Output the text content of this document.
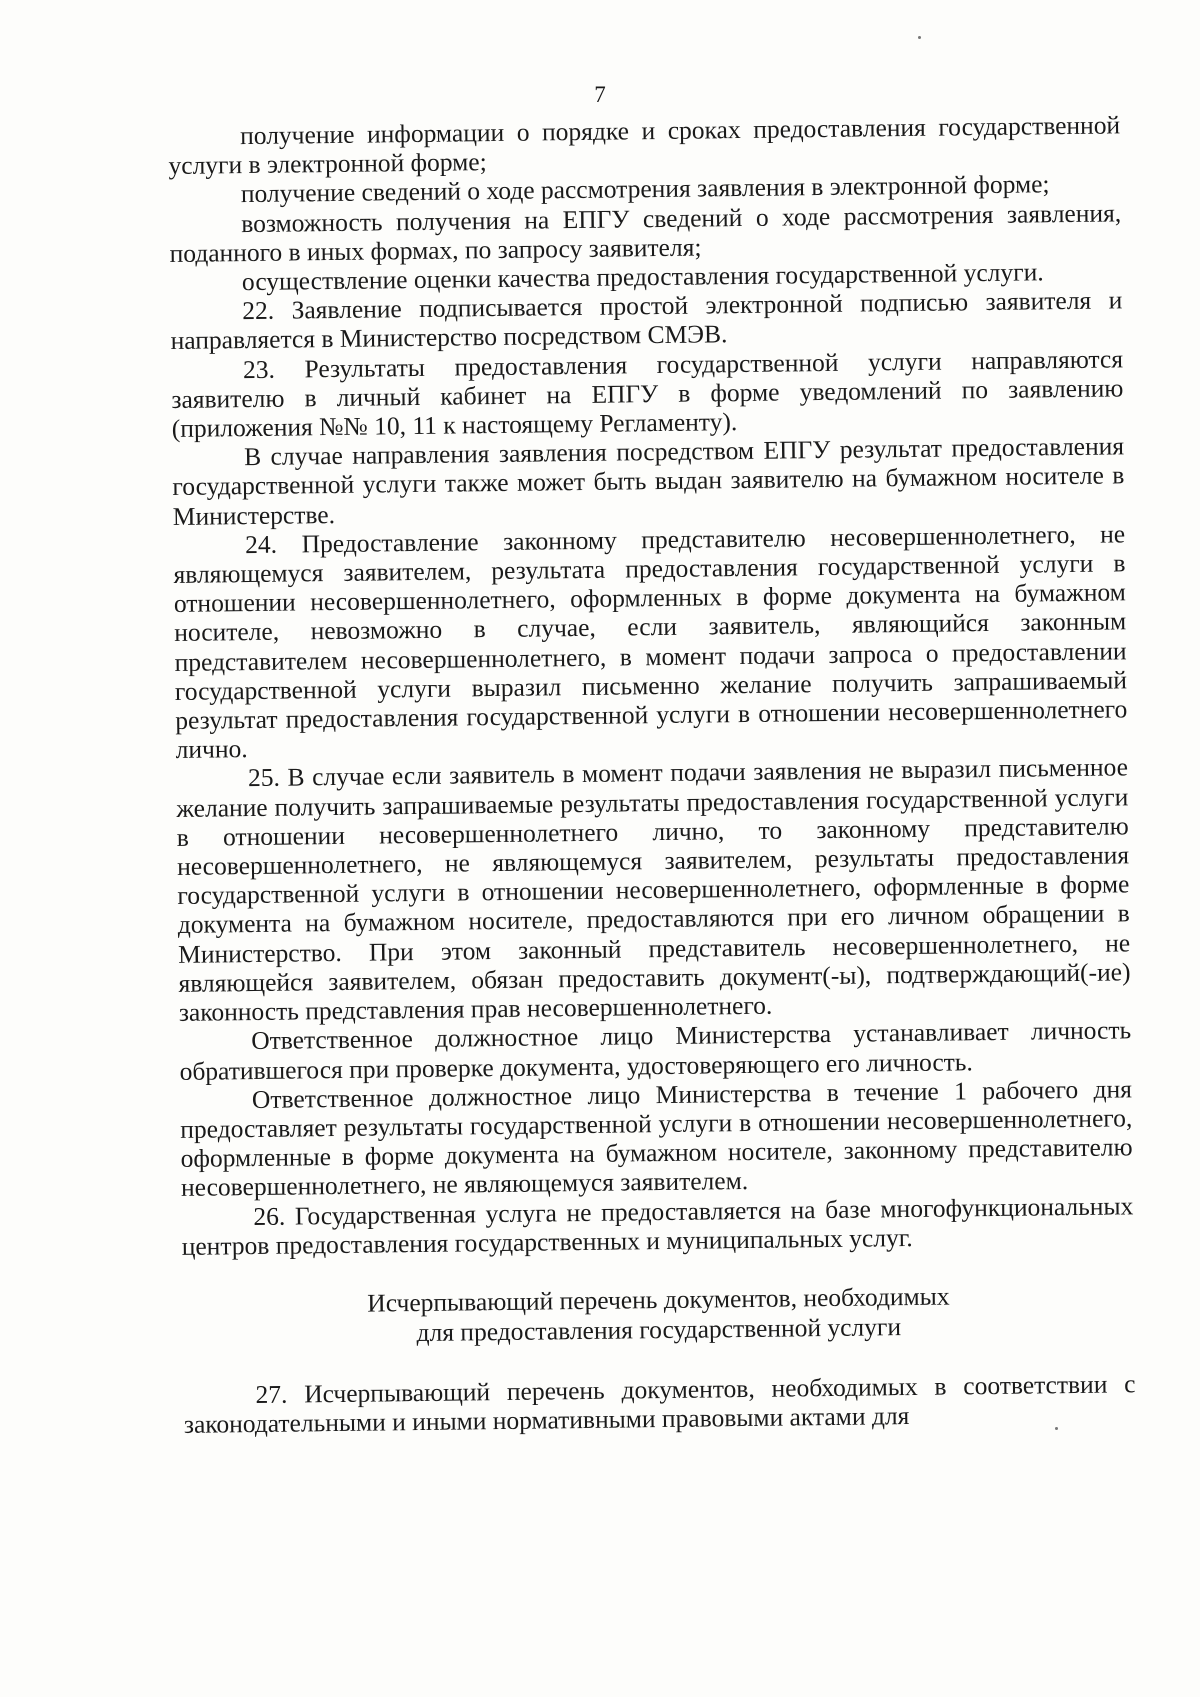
7

получение информации о порядке и сроках предоставления государственной услуги в электронной форме;

получение сведений о ходе рассмотрения заявления в электронной форме;

возможность получения на ЕПГУ сведений о ходе рассмотрения заявления, поданного в иных формах, по запросу заявителя;

осуществление оценки качества предоставления государственной услуги.

22. Заявление подписывается простой электронной подписью заявителя и направляется в Министерство посредством СМЭВ.

23. Результаты предоставления государственной услуги направляются заявителю в личный кабинет на ЕПГУ в форме уведомлений по заявлению (приложения №№ 10, 11 к настоящему Регламенту).

В случае направления заявления посредством ЕПГУ результат предоставления государственной услуги также может быть выдан заявителю на бумажном носителе в Министерстве.

24. Предоставление законному представителю несовершеннолетнего, не являющемуся заявителем, результата предоставления государственной услуги в отношении несовершеннолетнего, оформленных в форме документа на бумажном носителе, невозможно в случае, если заявитель, являющийся законным представителем несовершеннолетнего, в момент подачи запроса о предоставлении государственной услуги выразил письменно желание получить запрашиваемый результат предоставления государственной услуги в отношении несовершеннолетнего лично.

25. В случае если заявитель в момент подачи заявления не выразил письменное желание получить запрашиваемые результаты предоставления государственной услуги в отношении несовершеннолетнего лично, то законному представителю несовершеннолетнего, не являющемуся заявителем, результаты предоставления государственной услуги в отношении несовершеннолетнего, оформленные в форме документа на бумажном носителе, предоставляются при его личном обращении в Министерство. При этом законный представитель несовершеннолетнего, не являющейся заявителем, обязан предоставить документ(-ы), подтверждающий(-ие) законность представления прав несовершеннолетнего.

Ответственное должностное лицо Министерства устанавливает личность обратившегося при проверке документа, удостоверяющего его личность.

Ответственное должностное лицо Министерства в течение 1 рабочего дня предоставляет результаты государственной услуги в отношении несовершеннолетнего, оформленные в форме документа на бумажном носителе, законному представителю несовершеннолетнего, не являющемуся заявителем.

26. Государственная услуга не предоставляется на базе многофункциональных центров предоставления государственных и муниципальных услуг.

Исчерпывающий перечень документов, необходимых
для предоставления государственной услуги

27. Исчерпывающий перечень документов, необходимых в соответствии с законодательными и иными нормативными правовыми актами для
